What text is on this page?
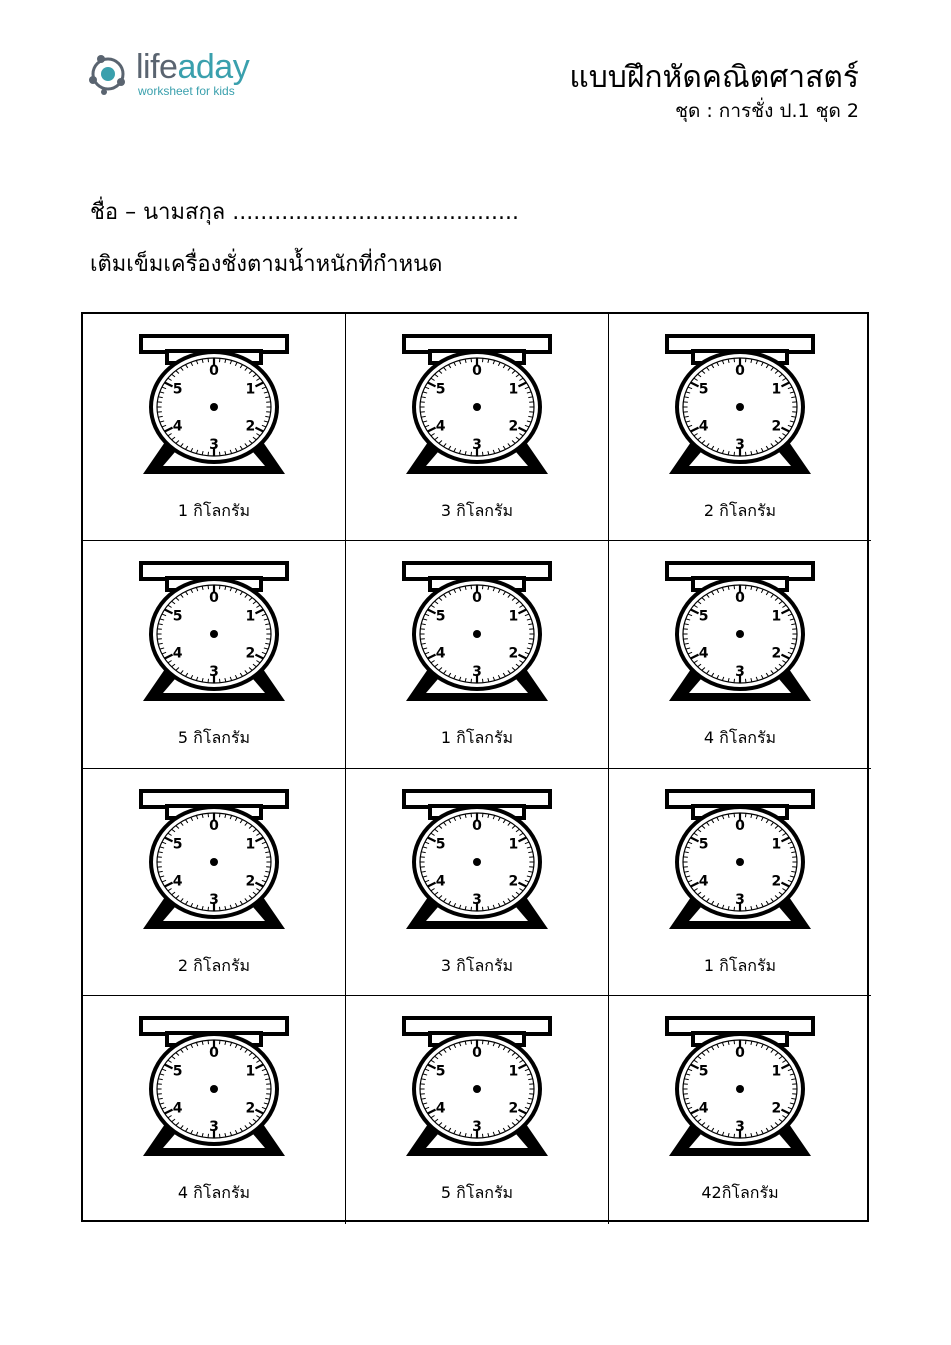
lifeaday
worksheet for kids	แบบฝึกหัดคณิตศาสตร์
ชุด : การชั่ง ป.1 ชุด 2
ชื่อ – นามสกุล .........................................
เติมเข็มเครื่องชั่งตามน้ำหนักที่กำหนด
0
1
2
3
4
5
1 กิโลกรัม
0
1
2
3
4
5
3 กิโลกรัม
0
1
2
3
4
5
2 กิโลกรัม
0
1
2
3
4
5
5 กิโลกรัม
0
1
2
3
4
5
1 กิโลกรัม
0
1
2
3
4
5
4 กิโลกรัม
0
1
2
3
4
5
2 กิโลกรัม
0
1
2
3
4
5
3 กิโลกรัม
0
1
2
3
4
5
1 กิโลกรัม
0
1
2
3
4
5
4 กิโลกรัม
0
1
2
3
4
5
5 กิโลกรัม
0
1
2
3
4
5
42กิโลกรัม
